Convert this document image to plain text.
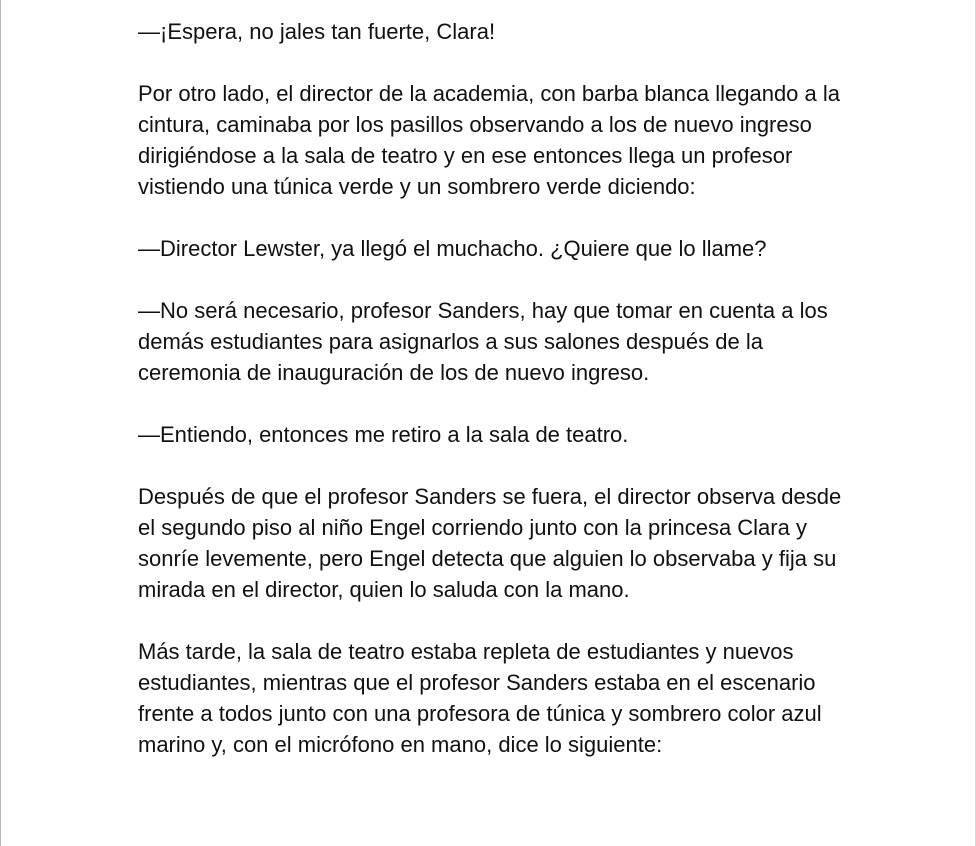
—¡Espera, no jales tan fuerte, Clara!

Por otro lado, el director de la academia, con barba blanca llegando a la cintura, caminaba por los pasillos observando a los de nuevo ingreso dirigiéndose a la sala de teatro y en ese entonces llega un profesor vistiendo una túnica verde y un sombrero verde diciendo:

—Director Lewster, ya llegó el muchacho. ¿Quiere que lo llame?

—No será necesario, profesor Sanders, hay que tomar en cuenta a los demás estudiantes para asignarlos a sus salones después de la ceremonia de inauguración de los de nuevo ingreso.

—Entiendo, entonces me retiro a la sala de teatro.

Después de que el profesor Sanders se fuera, el director observa desde el segundo piso al niño Engel corriendo junto con la princesa Clara y sonríe levemente, pero Engel detecta que alguien lo observaba y fija su mirada en el director, quien lo saluda con la mano.

Más tarde, la sala de teatro estaba repleta de estudiantes y nuevos estudiantes, mientras que el profesor Sanders estaba en el escenario frente a todos junto con una profesora de túnica y sombrero color azul marino y, con el micrófono en mano, dice lo siguiente:
